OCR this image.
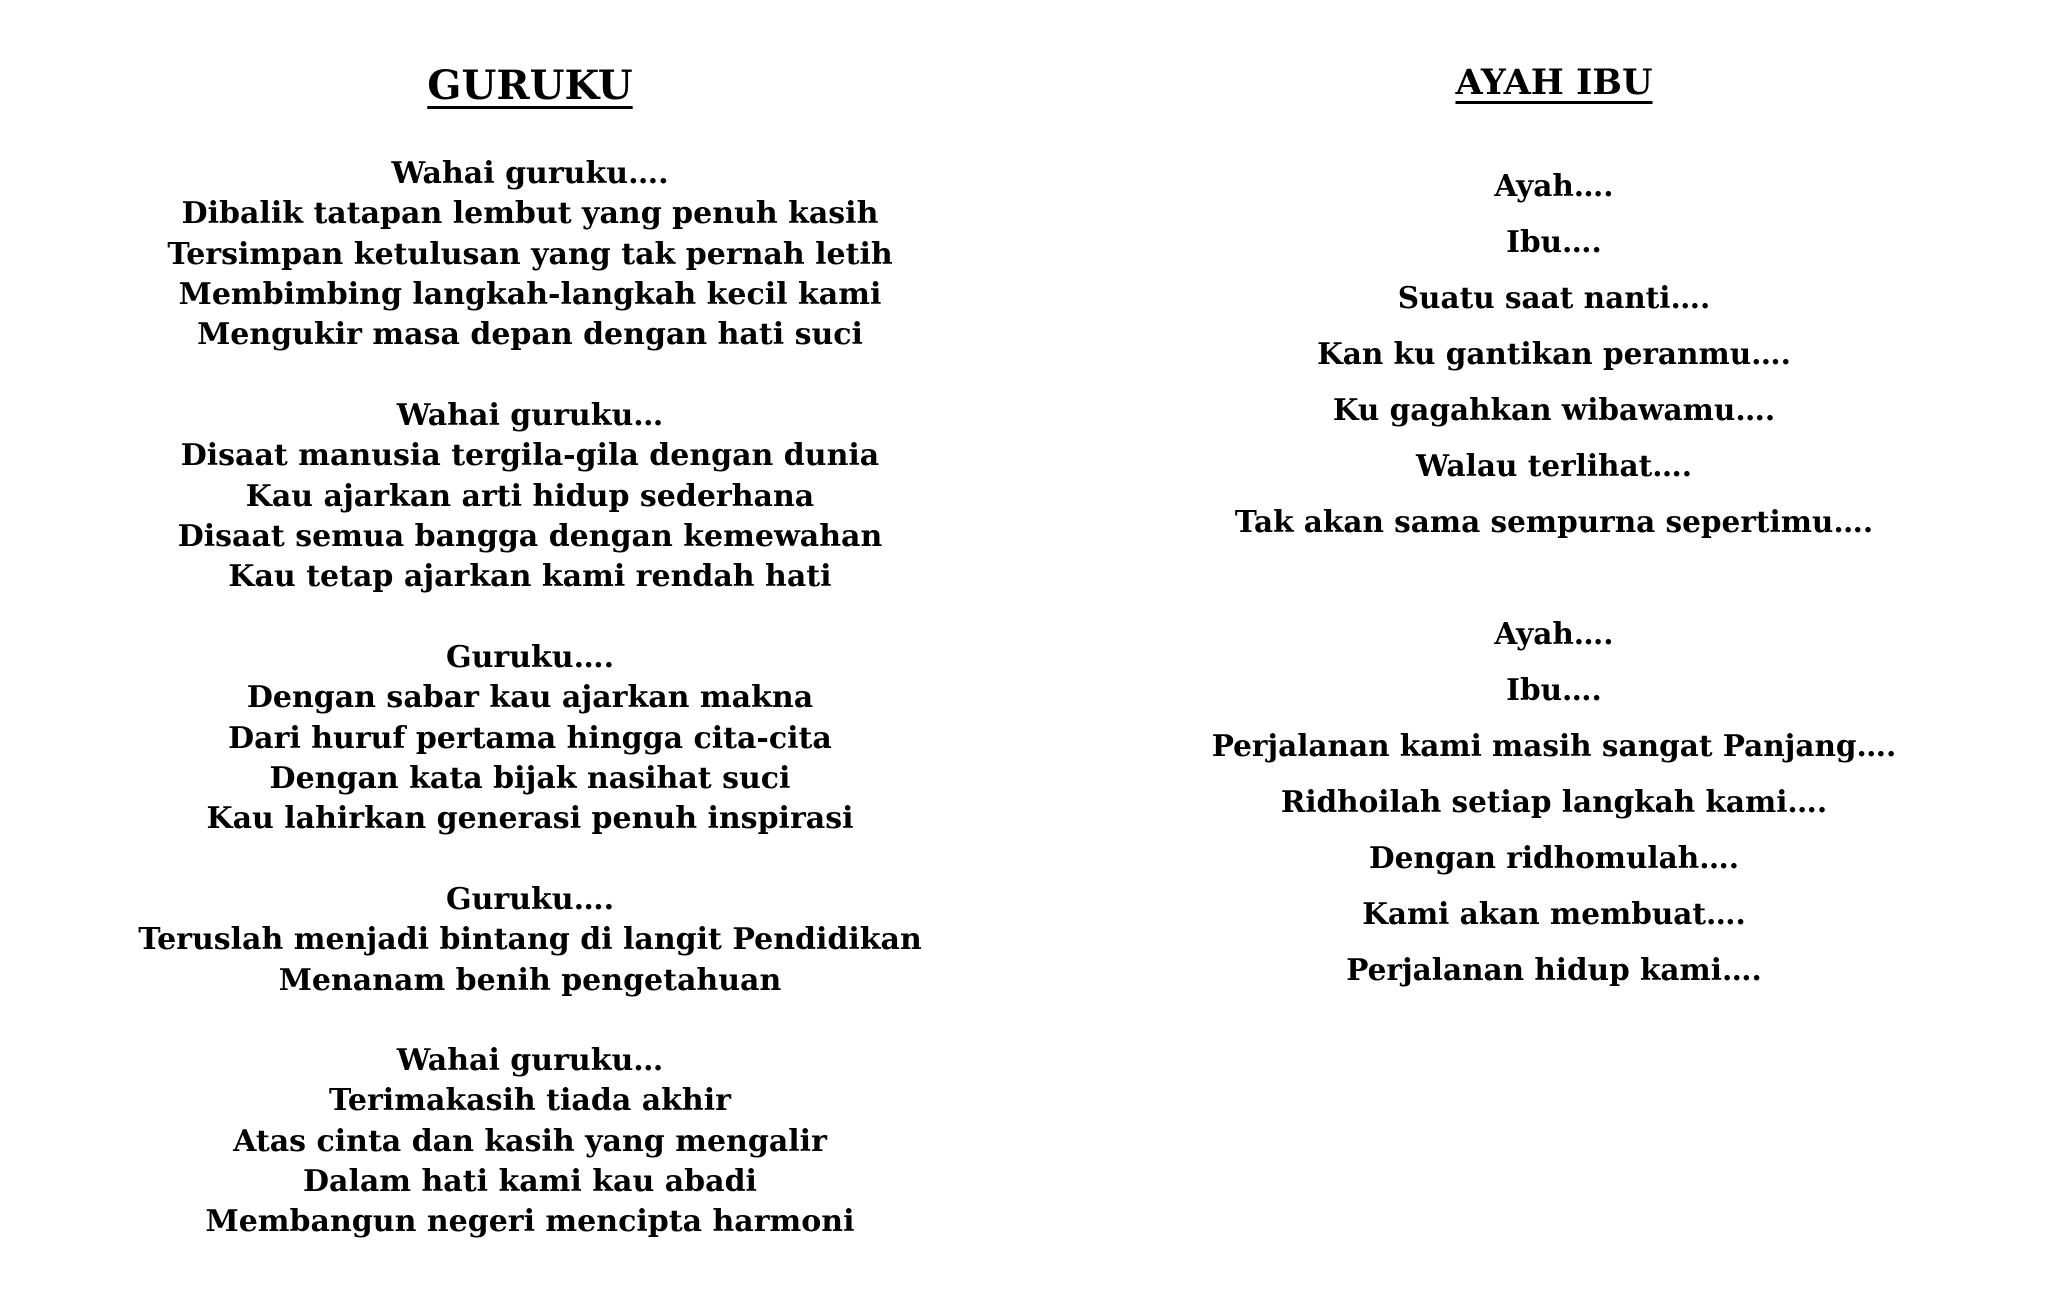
GURUKU
Wahai guruku….
Dibalik tatapan lembut yang penuh kasih
Tersimpan ketulusan yang tak pernah letih
Membimbing langkah-langkah kecil kami
Mengukir masa depan dengan hati suci
Wahai guruku…
Disaat manusia tergila-gila dengan dunia
Kau ajarkan arti hidup sederhana
Disaat semua bangga dengan kemewahan
Kau tetap ajarkan kami rendah hati
Guruku….
Dengan sabar kau ajarkan makna
Dari huruf pertama hingga cita-cita
Dengan kata bijak nasihat suci
Kau lahirkan generasi penuh inspirasi
Guruku….
Teruslah menjadi bintang di langit Pendidikan
Menanam benih pengetahuan
Wahai guruku…
Terimakasih tiada akhir
Atas cinta dan kasih yang mengalir
Dalam hati kami kau abadi
Membangun negeri mencipta harmoni
AYAH IBU
Ayah….
Ibu….
Suatu saat nanti….
Kan ku gantikan peranmu….
Ku gagahkan wibawamu….
Walau terlihat….
Tak akan sama sempurna sepertimu….
Ayah….
Ibu….
Perjalanan kami masih sangat Panjang….
Ridhoilah setiap langkah kami….
Dengan ridhomulah….
Kami akan membuat….
Perjalanan hidup kami….
